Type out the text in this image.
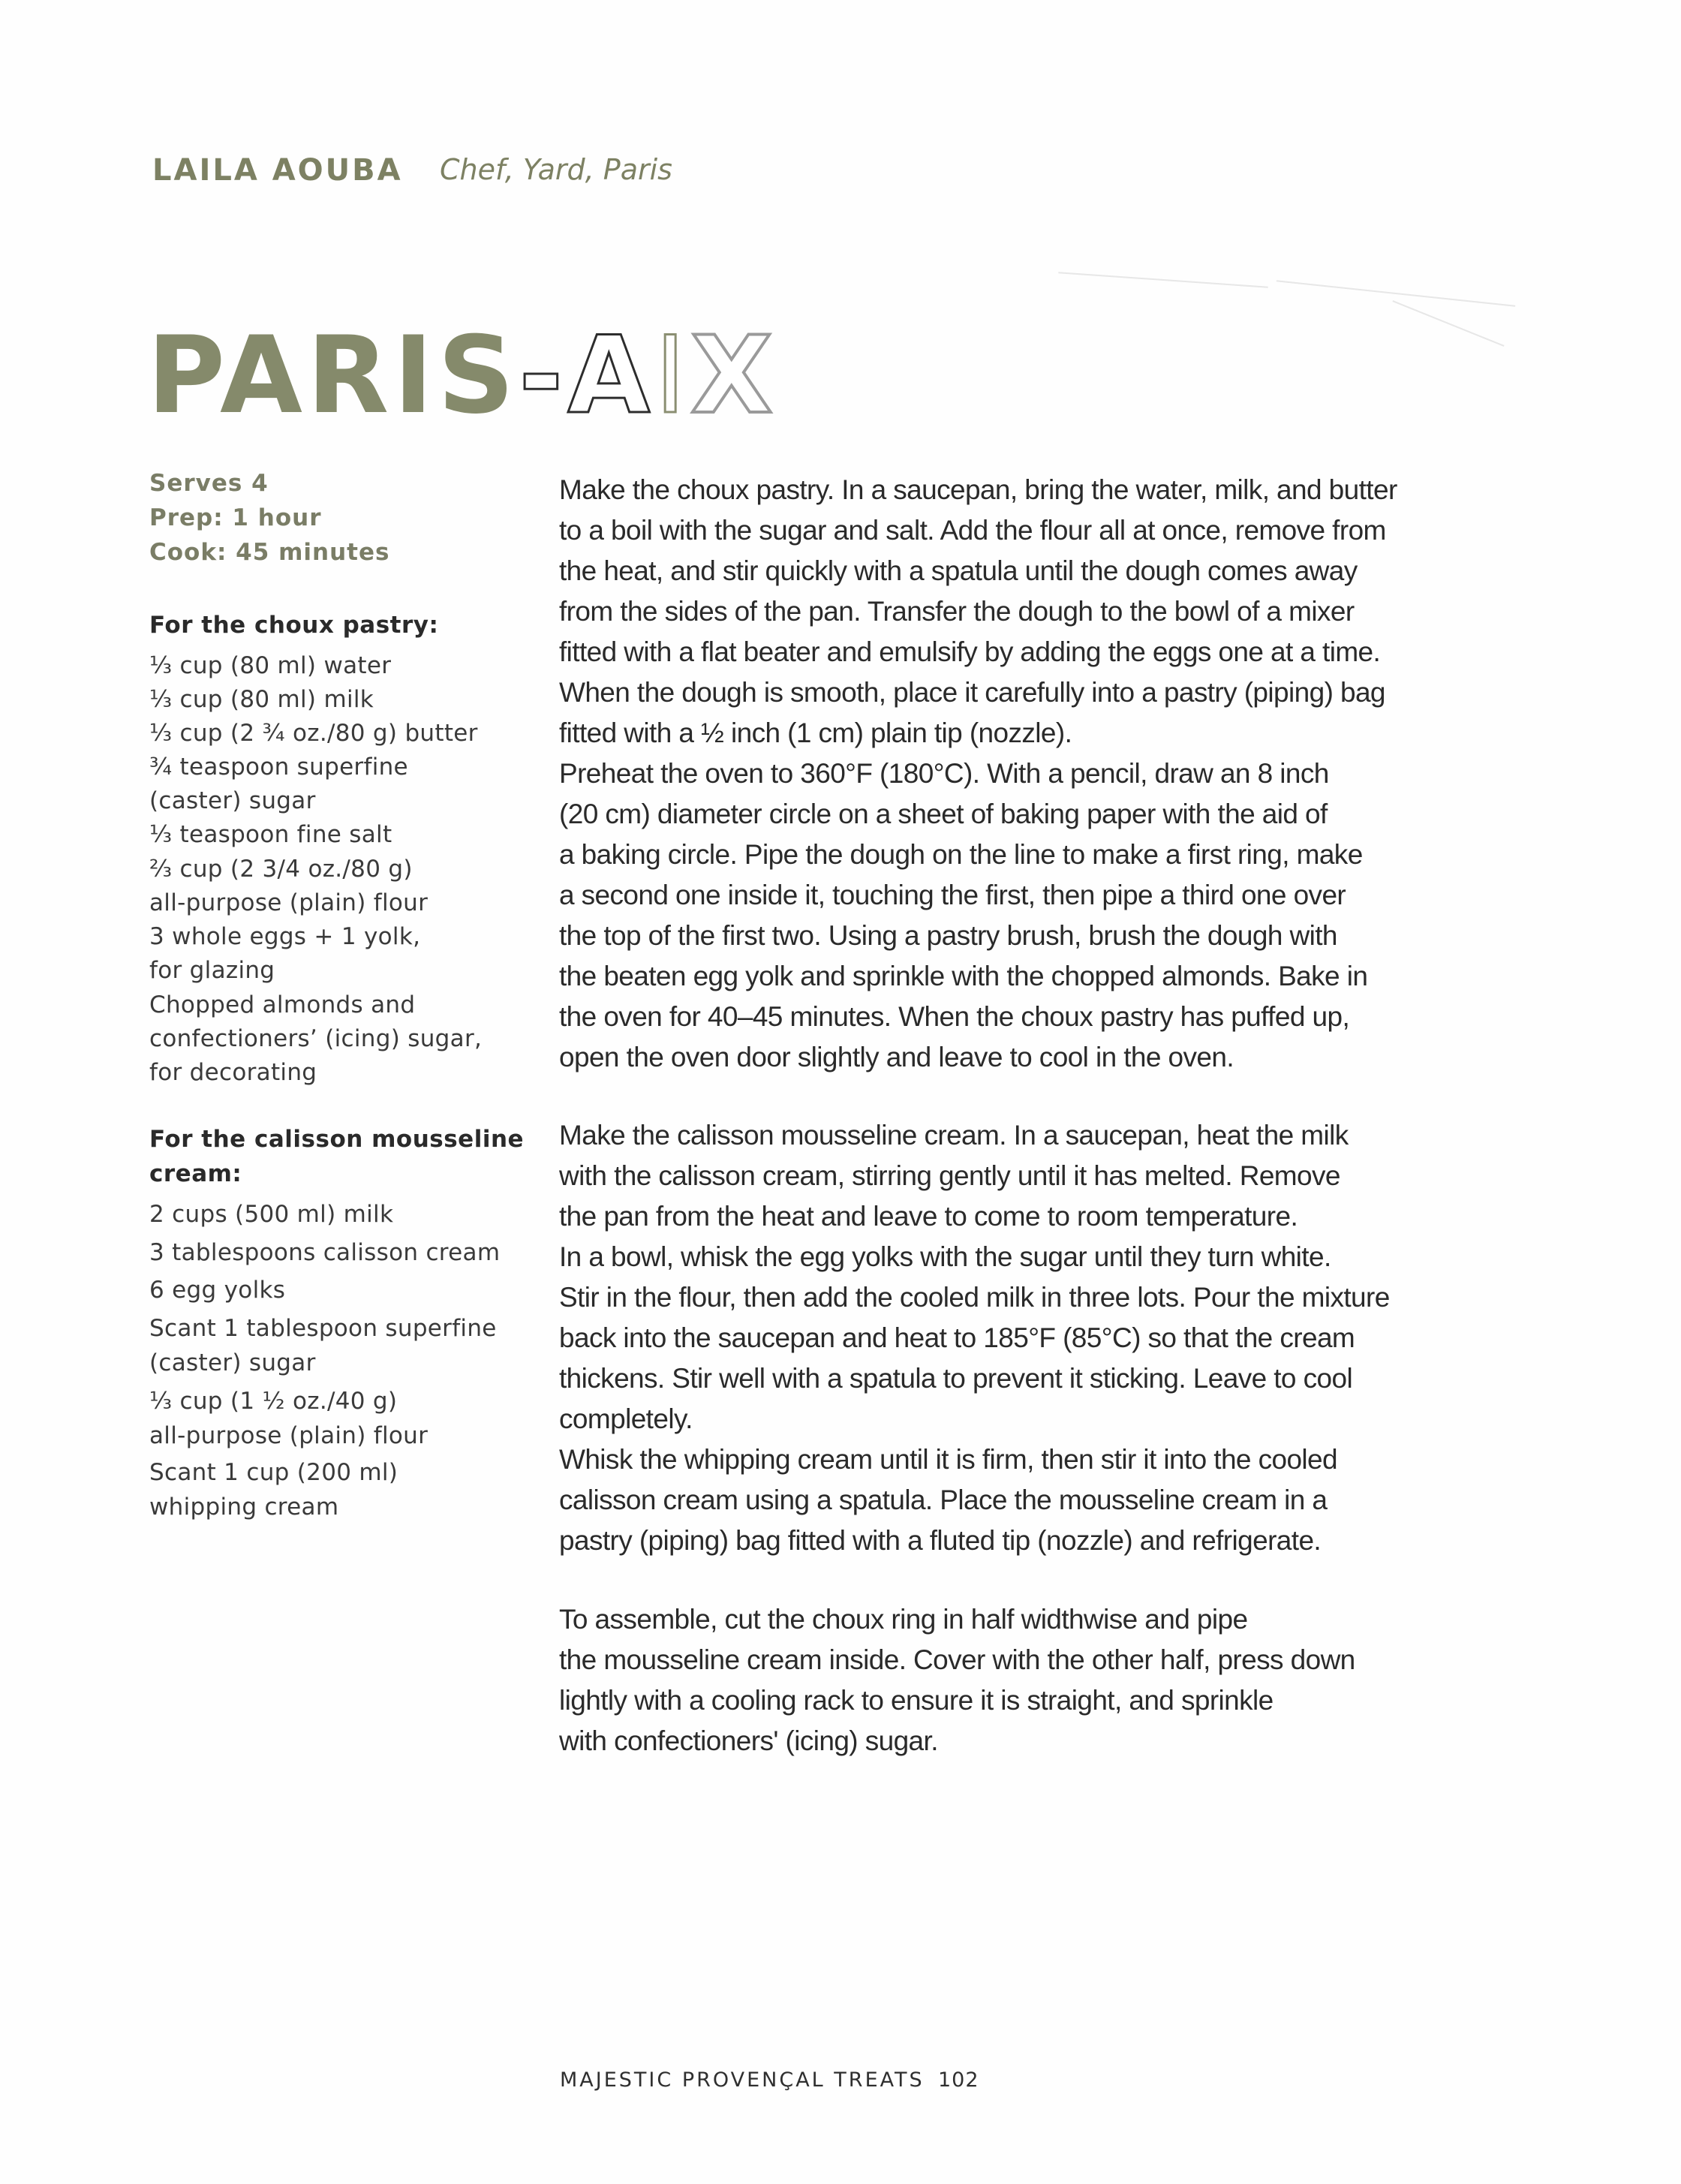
LAILA AOUBA Chef, Yard, Paris
PARIS-AIX
Serves 4
Prep: 1 hour
Cook: 45 minutes
For the choux pastry:
⅓ cup (80 ml) water
⅓ cup (80 ml) milk
⅓ cup (2 ¾ oz./80 g) butter
¾ teaspoon superfine
(caster) sugar
⅓ teaspoon fine salt
⅔ cup (2 3/4 oz./80 g)
all-purpose (plain) flour
3 whole eggs + 1 yolk,
for glazing
Chopped almonds and
confectioners’ (icing) sugar,
for decorating
For the calisson mousseline
cream:
2 cups (500 ml) milk
3 tablespoons calisson cream
6 egg yolks
Scant 1 tablespoon superfine
(caster) sugar
⅓ cup (1 ½ oz./40 g)
all-purpose (plain) flour
Scant 1 cup (200 ml)
whipping cream
Make the choux pastry. In a saucepan, bring the water, milk, and butter
to a boil with the sugar and salt. Add the flour all at once, remove from
the heat, and stir quickly with a spatula until the dough comes away
from the sides of the pan. Transfer the dough to the bowl of a mixer
fitted with a flat beater and emulsify by adding the eggs one at a time.
When the dough is smooth, place it carefully into a pastry (piping) bag
fitted with a ½ inch (1 cm) plain tip (nozzle).
Preheat the oven to 360°F (180°C). With a pencil, draw an 8 inch
(20 cm) diameter circle on a sheet of baking paper with the aid of
a baking circle. Pipe the dough on the line to make a first ring, make
a second one inside it, touching the first, then pipe a third one over
the top of the first two. Using a pastry brush, brush the dough with
the beaten egg yolk and sprinkle with the chopped almonds. Bake in
the oven for 40–45 minutes. When the choux pastry has puffed up,
open the oven door slightly and leave to cool in the oven.
Make the calisson mousseline cream. In a saucepan, heat the milk
with the calisson cream, stirring gently until it has melted. Remove
the pan from the heat and leave to come to room temperature.
In a bowl, whisk the egg yolks with the sugar until they turn white.
Stir in the flour, then add the cooled milk in three lots. Pour the mixture
back into the saucepan and heat to 185°F (85°C) so that the cream
thickens. Stir well with a spatula to prevent it sticking. Leave to cool
completely.
Whisk the whipping cream until it is firm, then stir it into the cooled
calisson cream using a spatula. Place the mousseline cream in a
pastry (piping) bag fitted with a fluted tip (nozzle) and refrigerate.
To assemble, cut the choux ring in half widthwise and pipe
the mousseline cream inside. Cover with the other half, press down
lightly with a cooling rack to ensure it is straight, and sprinkle
with confectioners' (icing) sugar.
MAJESTIC PROVENÇAL TREATS 102
